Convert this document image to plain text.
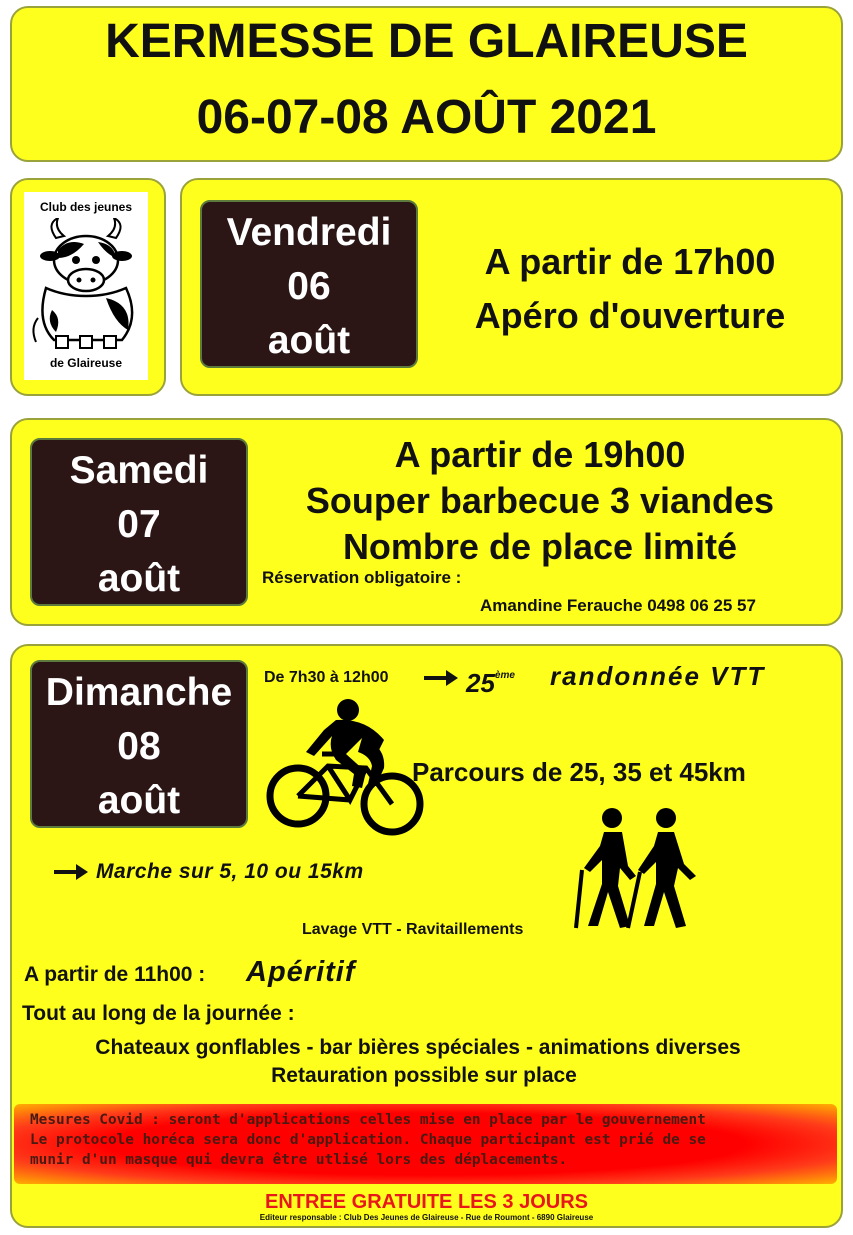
KERMESSE DE GLAIREUSE
06-07-08 AOÛT 2021
Club des jeunes
de Glaireuse
Vendredi
06
août
A partir de 17h00
Apéro d'ouverture
Samedi
07
août
A partir de 19h00
Souper barbecue 3 viandes
Nombre de place limité
Réservation obligatoire :
Amandine Ferauche 0498 06 25 57
Dimanche
08
août
De 7h30 à 12h00	25ème randonnée VTT
Parcours de 25, 35 et 45km
Marche sur 5, 10 ou 15km
Lavage VTT - Ravitaillements
A partir de 11h00 : Apéritif
Tout au long de la journée :
Chateaux gonflables - bar bières spéciales - animations diverses
Retauration possible sur place
Mesures Covid : seront d'applications celles mise en place par le gouvernement
Le protocole horéca sera donc d'application. Chaque participant est prié de se
munir d'un masque qui devra être utlisé lors des déplacements.
ENTREE GRATUITE LES 3 JOURS
Editeur responsable : Club Des Jeunes de Glaireuse - Rue de Roumont - 6890 Glaireuse
